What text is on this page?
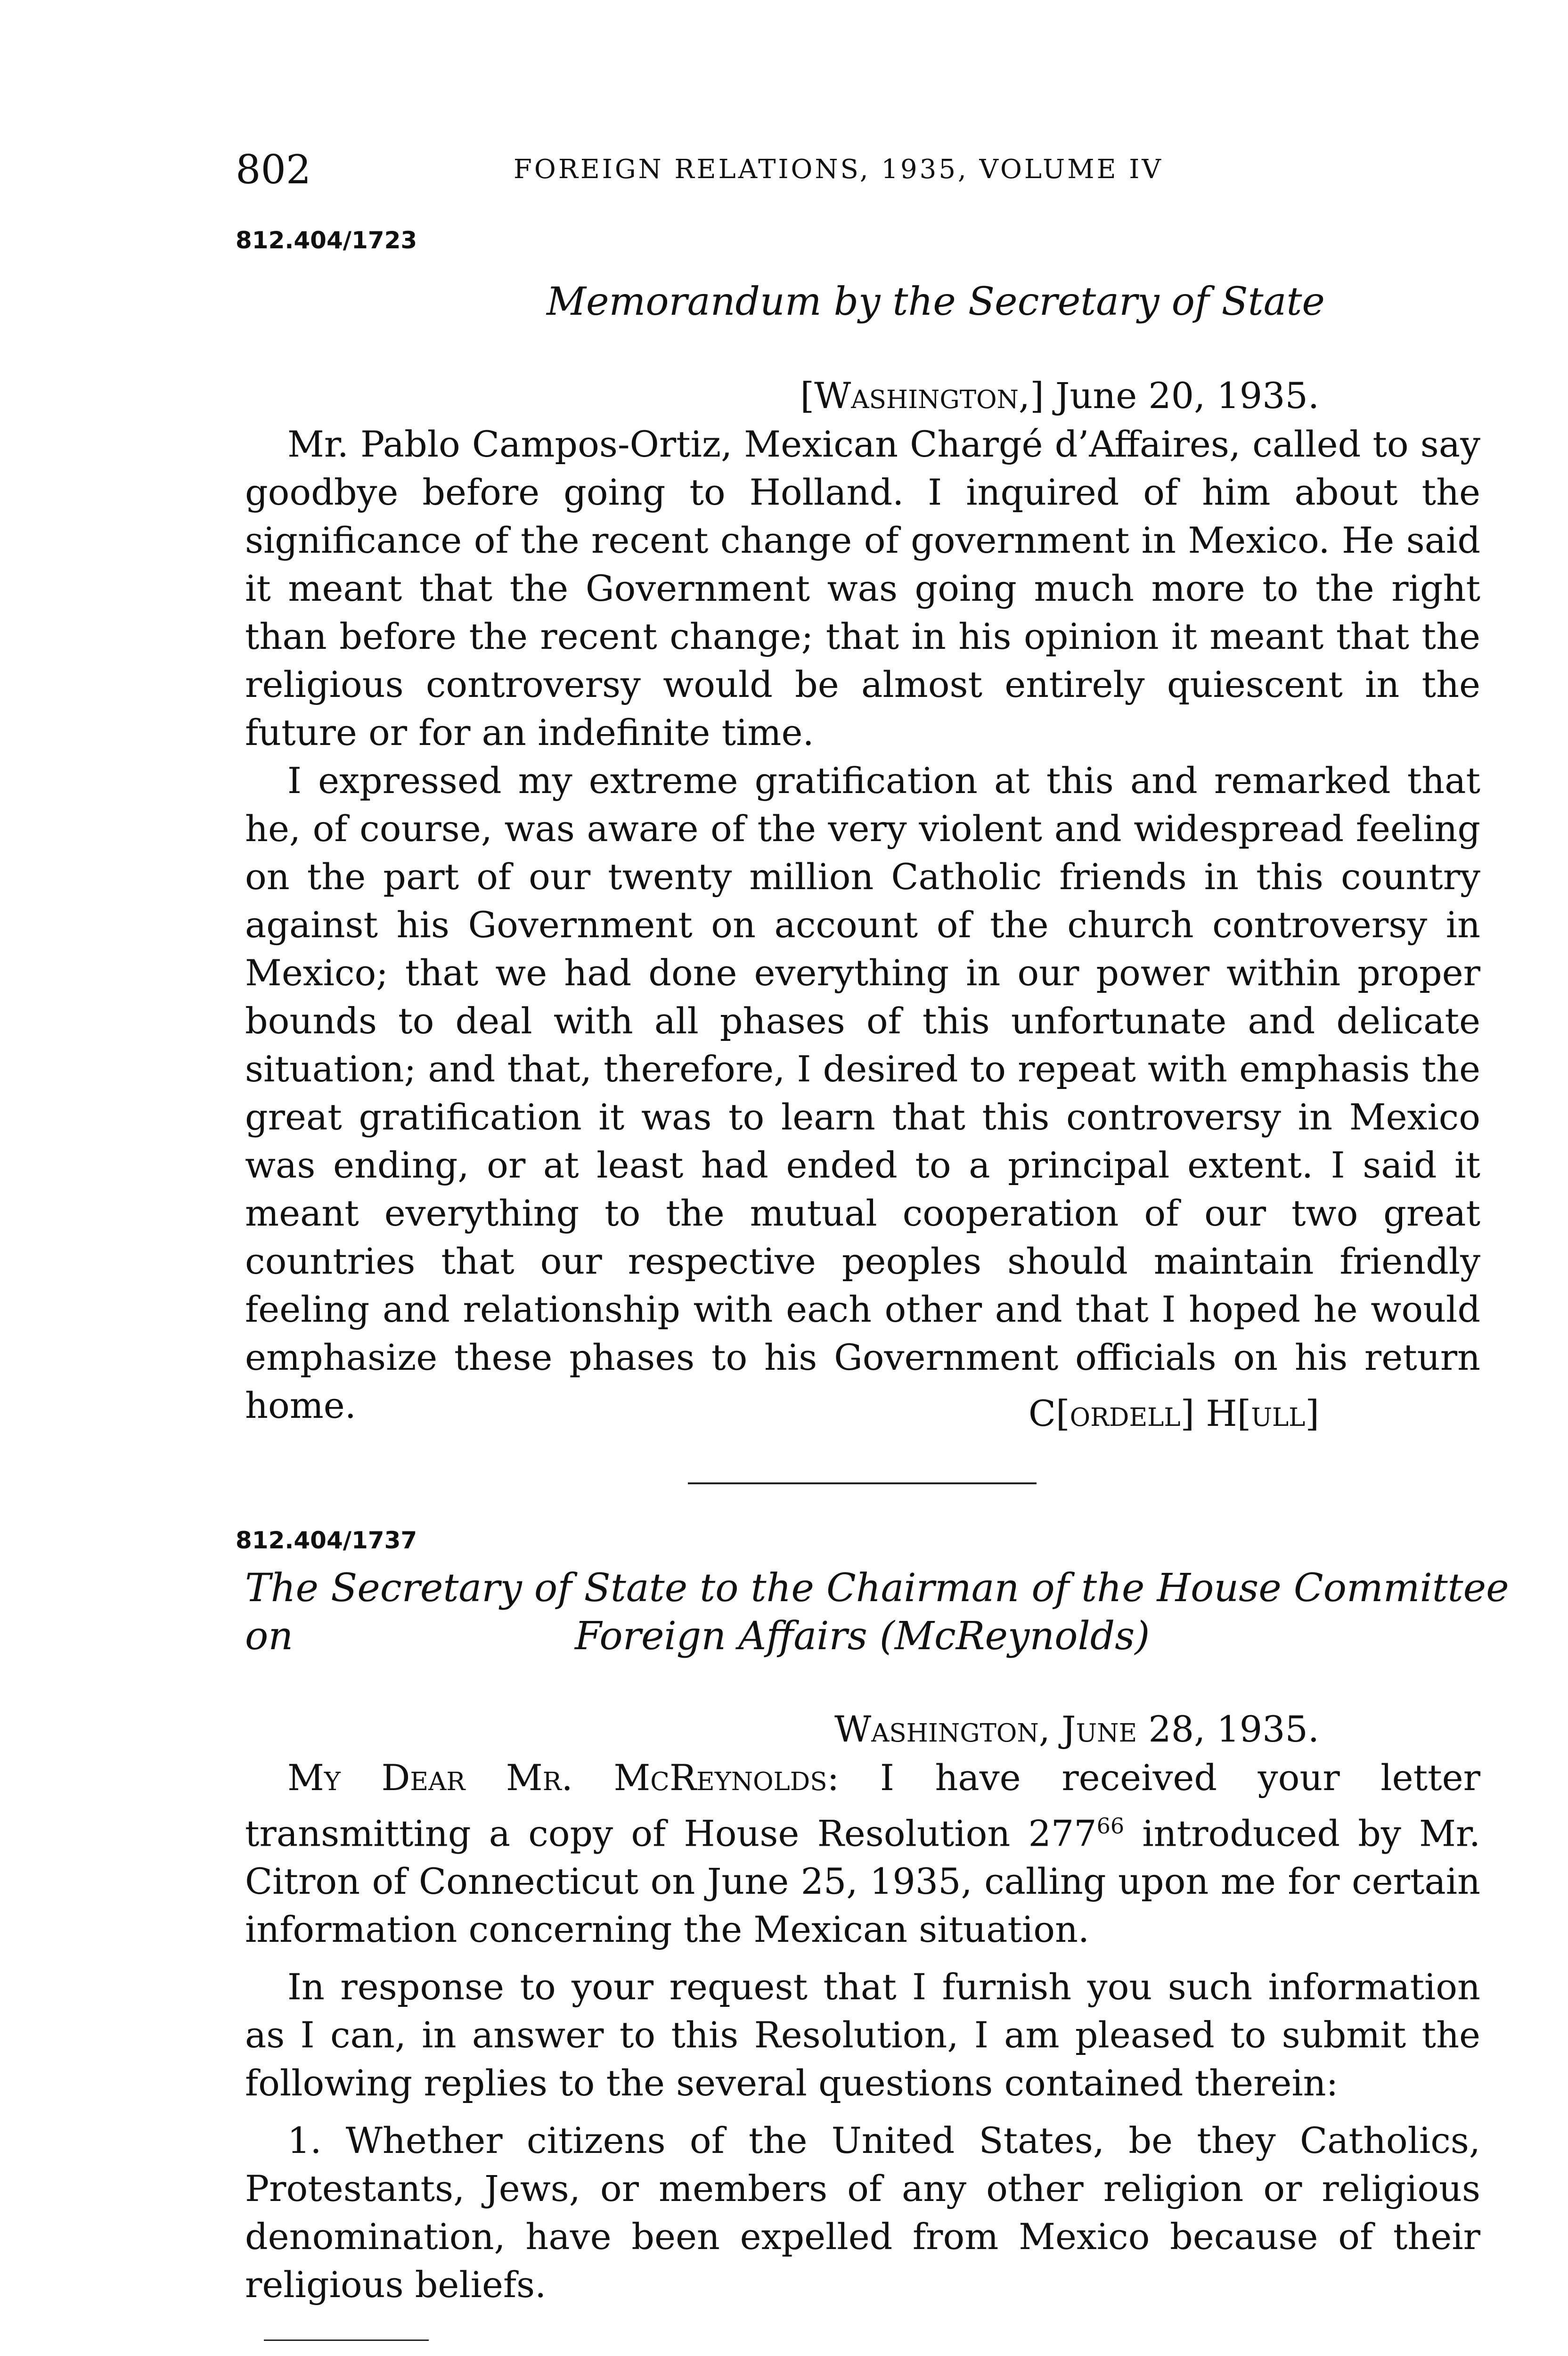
802	FOREIGN RELATIONS, 1935, VOLUME IV
812.404/1723
Memorandum by the Secretary of State
[Washington,] June 20, 1935.

Mr. Pablo Campos-Ortiz, Mexican Chargé d’Affaires, called to say goodbye before going to Holland. I inquired of him about the significance of the recent change of government in Mexico. He said it meant that the Government was going much more to the right than before the recent change; that in his opinion it meant that the religious controversy would be almost entirely quiescent in the future or for an indefinite time.

I expressed my extreme gratification at this and remarked that he, of course, was aware of the very violent and widespread feeling on the part of our twenty million Catholic friends in this country against his Government on account of the church controversy in Mexico; that we had done everything in our power within proper bounds to deal with all phases of this unfortunate and delicate situation; and that, therefore, I desired to repeat with emphasis the great gratification it was to learn that this controversy in Mexico was ending, or at least had ended to a principal extent. I said it meant everything to the mutual cooperation of our two great countries that our respective peoples should maintain friendly feeling and relationship with each other and that I hoped he would emphasize these phases to his Government officials on his return home.	C[ordell] H[ull]
812.404/1737
The Secretary of State to the Chairman of the House Committee on	Foreign Affairs (McReynolds)
Washington, June 28, 1935.

My Dear Mr. McReynolds: I have received your letter transmitting a copy of House Resolution 277$^{66}$ introduced by Mr. Citron of Connecticut on June 25, 1935, calling upon me for certain information concerning the Mexican situation.

In response to your request that I furnish you such information as I can, in answer to this Resolution, I am pleased to submit the following replies to the several questions contained therein:

1. Whether citizens of the United States, be they Catholics, Protestants, Jews, or members of any other religion or religious denomination, have been expelled from Mexico because of their religious beliefs.
